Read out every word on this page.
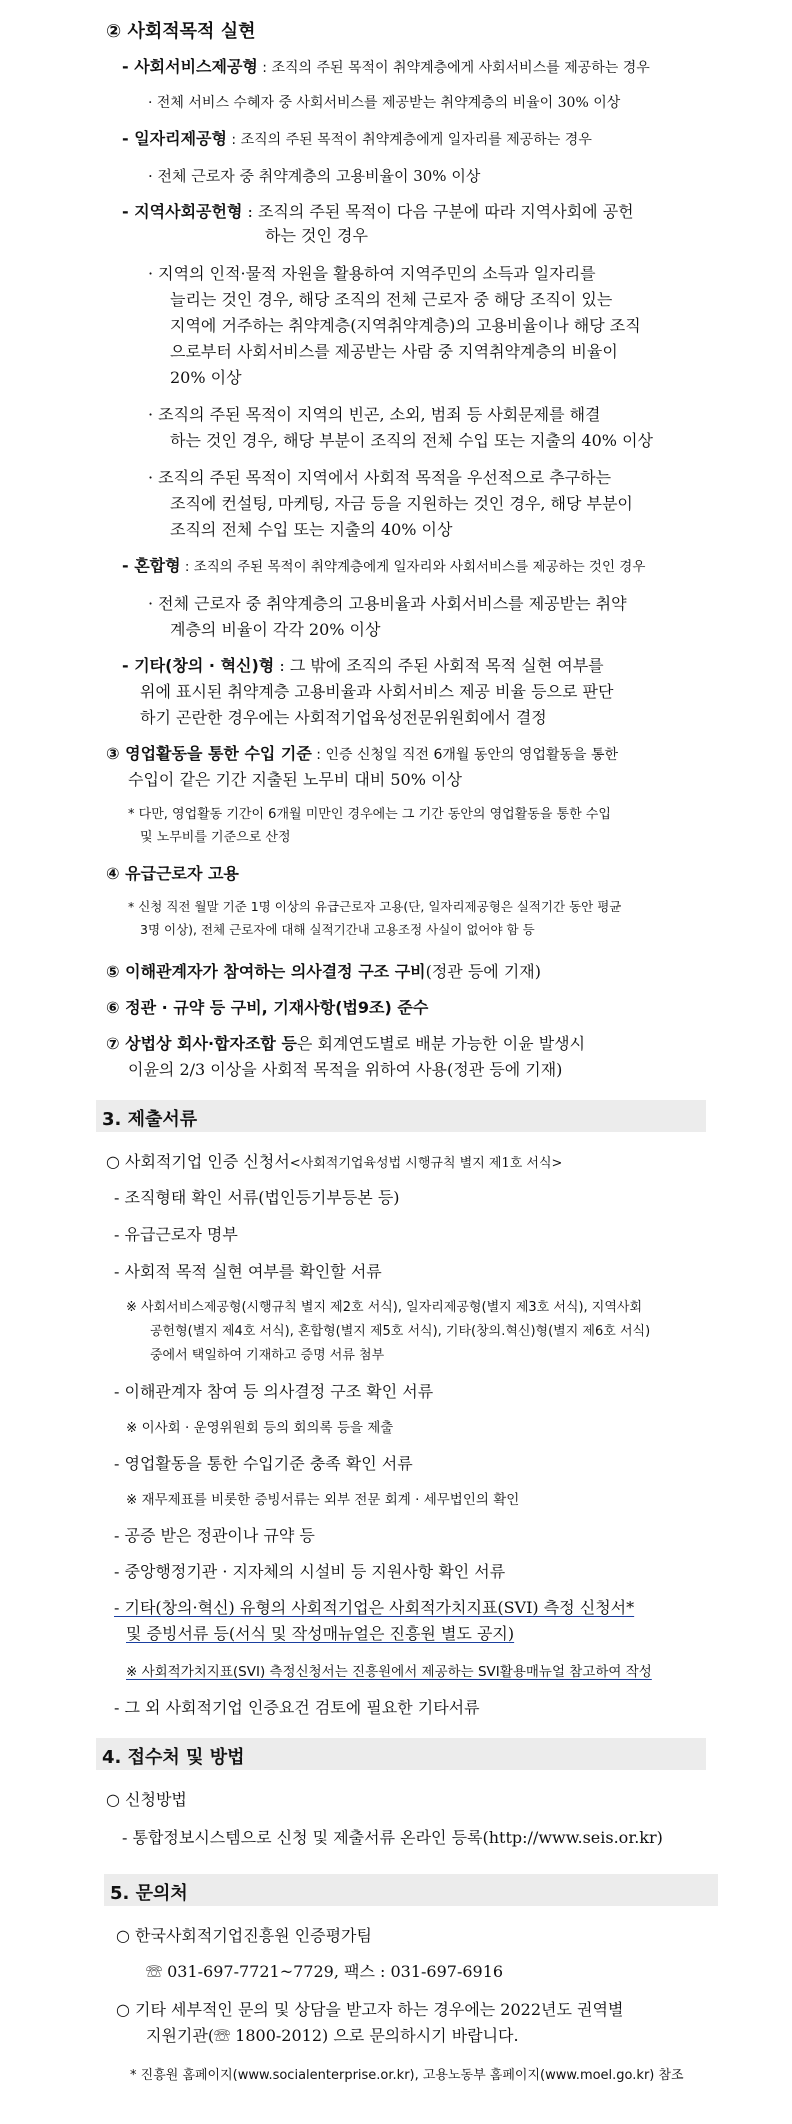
② 사회적목적 실현
- 사회서비스제공형 : 조직의 주된 목적이 취약계층에게 사회서비스를 제공하는 경우
· 전체 서비스 수혜자 중 사회서비스를 제공받는 취약계층의 비율이 30% 이상
- 일자리제공형 : 조직의 주된 목적이 취약계층에게 일자리를 제공하는 경우
· 전체 근로자 중 취약계층의 고용비율이 30% 이상
- 지역사회공헌형 : 조직의 주된 목적이 다음 구분에 따라 지역사회에 공헌
하는 것인 경우
· 지역의 인적·물적 자원을 활용하여 지역주민의 소득과 일자리를
늘리는 것인 경우, 해당 조직의 전체 근로자 중 해당 조직이 있는
지역에 거주하는 취약계층(지역취약계층)의 고용비율이나 해당 조직
으로부터 사회서비스를 제공받는 사람 중 지역취약계층의 비율이
20% 이상
· 조직의 주된 목적이 지역의 빈곤, 소외, 범죄 등 사회문제를 해결
하는 것인 경우, 해당 부분이 조직의 전체 수입 또는 지출의 40% 이상
· 조직의 주된 목적이 지역에서 사회적 목적을 우선적으로 추구하는
조직에 컨설팅, 마케팅, 자금 등을 지원하는 것인 경우, 해당 부분이
조직의 전체 수입 또는 지출의 40% 이상
- 혼합형 : 조직의 주된 목적이 취약계층에게 일자리와 사회서비스를 제공하는 것인 경우
· 전체 근로자 중 취약계층의 고용비율과 사회서비스를 제공받는 취약
계층의 비율이 각각 20% 이상
- 기타(창의 · 혁신)형 : 그 밖에 조직의 주된 사회적 목적 실현 여부를
위에 표시된 취약계층 고용비율과 사회서비스 제공 비율 등으로 판단
하기 곤란한 경우에는 사회적기업육성전문위원회에서 결정
③ 영업활동을 통한 수입 기준 : 인증 신청일 직전 6개월 동안의 영업활동을 통한
수입이 같은 기간 지출된 노무비 대비 50% 이상
* 다만, 영업활동 기간이 6개월 미만인 경우에는 그 기간 동안의 영업활동을 통한 수입
및 노무비를 기준으로 산정
④ 유급근로자 고용
* 신청 직전 월말 기준 1명 이상의 유급근로자 고용(단, 일자리제공형은 실적기간 동안 평균
3명 이상), 전체 근로자에 대해 실적기간내 고용조정 사실이 없어야 함 등
⑤ 이해관계자가 참여하는 의사결정 구조 구비(정관 등에 기재)
⑥ 정관 · 규약 등 구비, 기재사항(법9조) 준수
⑦ 상법상 회사·합자조합 등은 회계연도별로 배분 가능한 이윤 발생시
이윤의 2/3 이상을 사회적 목적을 위하여 사용(정관 등에 기재)
3. 제출서류
○ 사회적기업 인증 신청서<사회적기업육성법 시행규칙 별지 제1호 서식>
- 조직형태 확인 서류(법인등기부등본 등)
- 유급근로자 명부
- 사회적 목적 실현 여부를 확인할 서류
※ 사회서비스제공형(시행규칙 별지 제2호 서식), 일자리제공형(별지 제3호 서식), 지역사회
공헌형(별지 제4호 서식), 혼합형(별지 제5호 서식), 기타(창의.혁신)형(별지 제6호 서식)
중에서 택일하여 기재하고 증명 서류 첨부
- 이해관계자 참여 등 의사결정 구조 확인 서류
※ 이사회 · 운영위원회 등의 회의록 등을 제출
- 영업활동을 통한 수입기준 충족 확인 서류
※ 재무제표를 비롯한 증빙서류는 외부 전문 회계 · 세무법인의 확인
- 공증 받은 정관이나 규약 등
- 중앙행정기관 · 지자체의 시설비 등 지원사항 확인 서류
- 기타(창의·혁신) 유형의 사회적기업은 사회적가치지표(SVI) 측정 신청서*
및 증빙서류 등(서식 및 작성매뉴얼은 진흥원 별도 공지)
※ 사회적가치지표(SVI) 측정신청서는 진흥원에서 제공하는 SVI활용매뉴얼 참고하여 작성
- 그 외 사회적기업 인증요건 검토에 필요한 기타서류
4. 접수처 및 방법
○ 신청방법
- 통합정보시스템으로 신청 및 제출서류 온라인 등록(http://www.seis.or.kr)
5. 문의처
○ 한국사회적기업진흥원 인증평가팀
☏ 031-697-7721~7729, 팩스 : 031-697-6916
○ 기타 세부적인 문의 및 상담을 받고자 하는 경우에는 2022년도 권역별
지원기관(☏ 1800-2012) 으로 문의하시기 바랍니다.
* 진흥원 홈페이지(www.socialenterprise.or.kr), 고용노동부 홈페이지(www.moel.go.kr) 참조
